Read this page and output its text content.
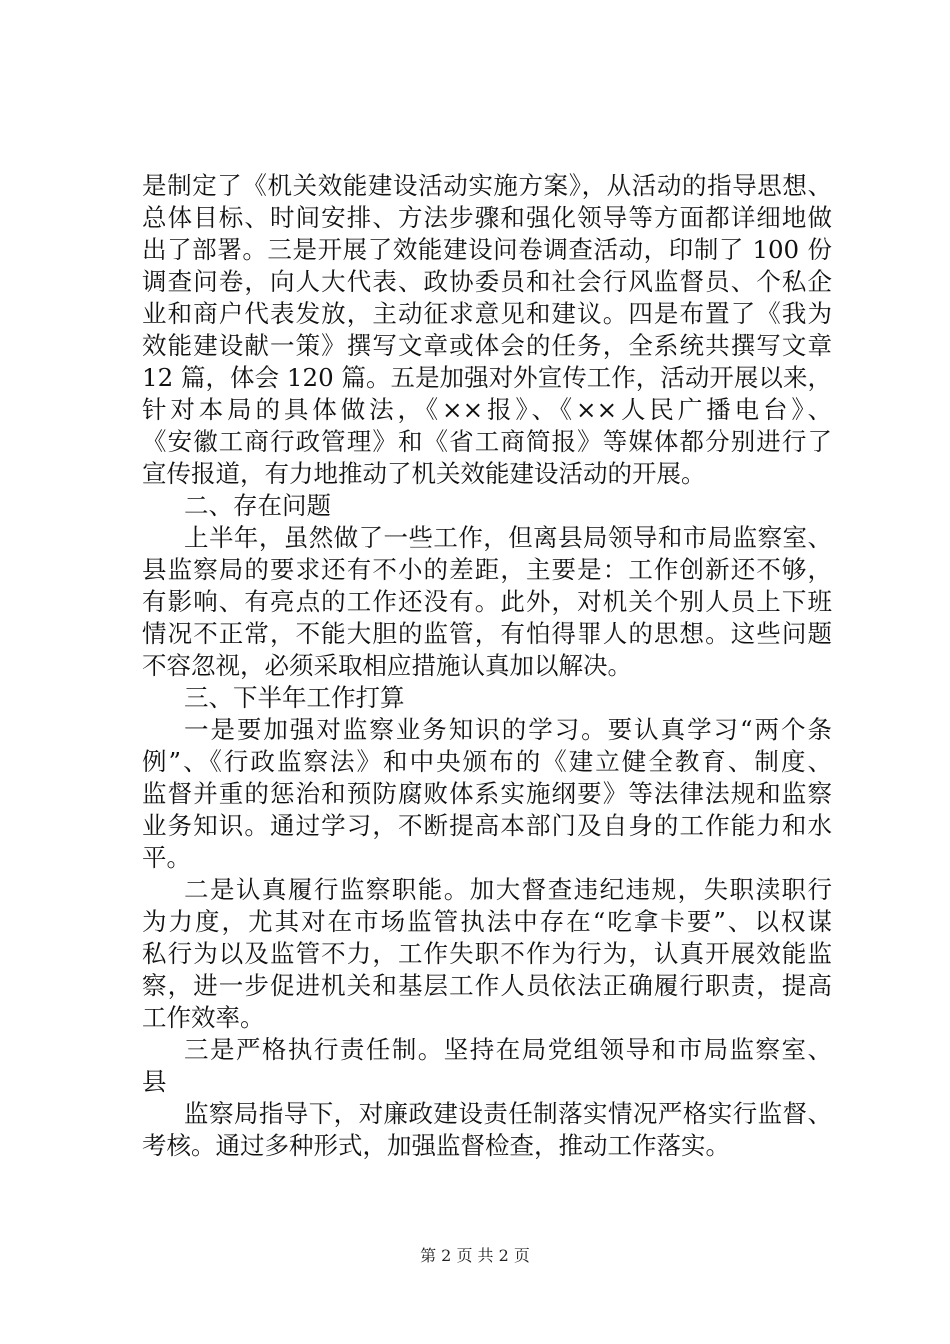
是制定了《机关效能建设活动实施方案》，从活动的指导思想、
总体目标、时间安排、方法步骤和强化领导等方面都详细地做
出了部署。三是开展了效能建设问卷调查活动，印制了 100 份
调查问卷，向人大代表、政协委员和社会行风监督员、个私企
业和商户代表发放，主动征求意见和建议。四是布置了《我为
效能建设献一策》撰写文章或体会的任务，全系统共撰写文章
12 篇，体会 120 篇。五是加强对外宣传工作，活动开展以来，
针对本局的具体做法，《××报》、《××人民广播电台》、
《安徽工商行政管理》和《省工商简报》等媒体都分别进行了
宣传报道，有力地推动了机关效能建设活动的开展。
二、存在问题
上半年，虽然做了一些工作，但离县局领导和市局监察室、
县监察局的要求还有不小的差距，主要是：工作创新还不够，
有影响、有亮点的工作还没有。此外，对机关个别人员上下班
情况不正常，不能大胆的监管，有怕得罪人的思想。这些问题
不容忽视，必须采取相应措施认真加以解决。
三、下半年工作打算
一是要加强对监察业务知识的学习。要认真学习“两个条
例”、《行政监察法》和中央颁布的《建立健全教育、制度、
监督并重的惩治和预防腐败体系实施纲要》等法律法规和监察
业务知识。通过学习，不断提高本部门及自身的工作能力和水
平。
二是认真履行监察职能。加大督查违纪违规，失职渎职行
为力度，尤其对在市场监管执法中存在“吃拿卡要”、以权谋
私行为以及监管不力，工作失职不作为行为，认真开展效能监
察，进一步促进机关和基层工作人员依法正确履行职责，提高
工作效率。
三是严格执行责任制。坚持在局党组领导和市局监察室、
县
监察局指导下，对廉政建设责任制落实情况严格实行监督、
考核。通过多种形式，加强监督检查，推动工作落实。
第 2 页 共 2 页
